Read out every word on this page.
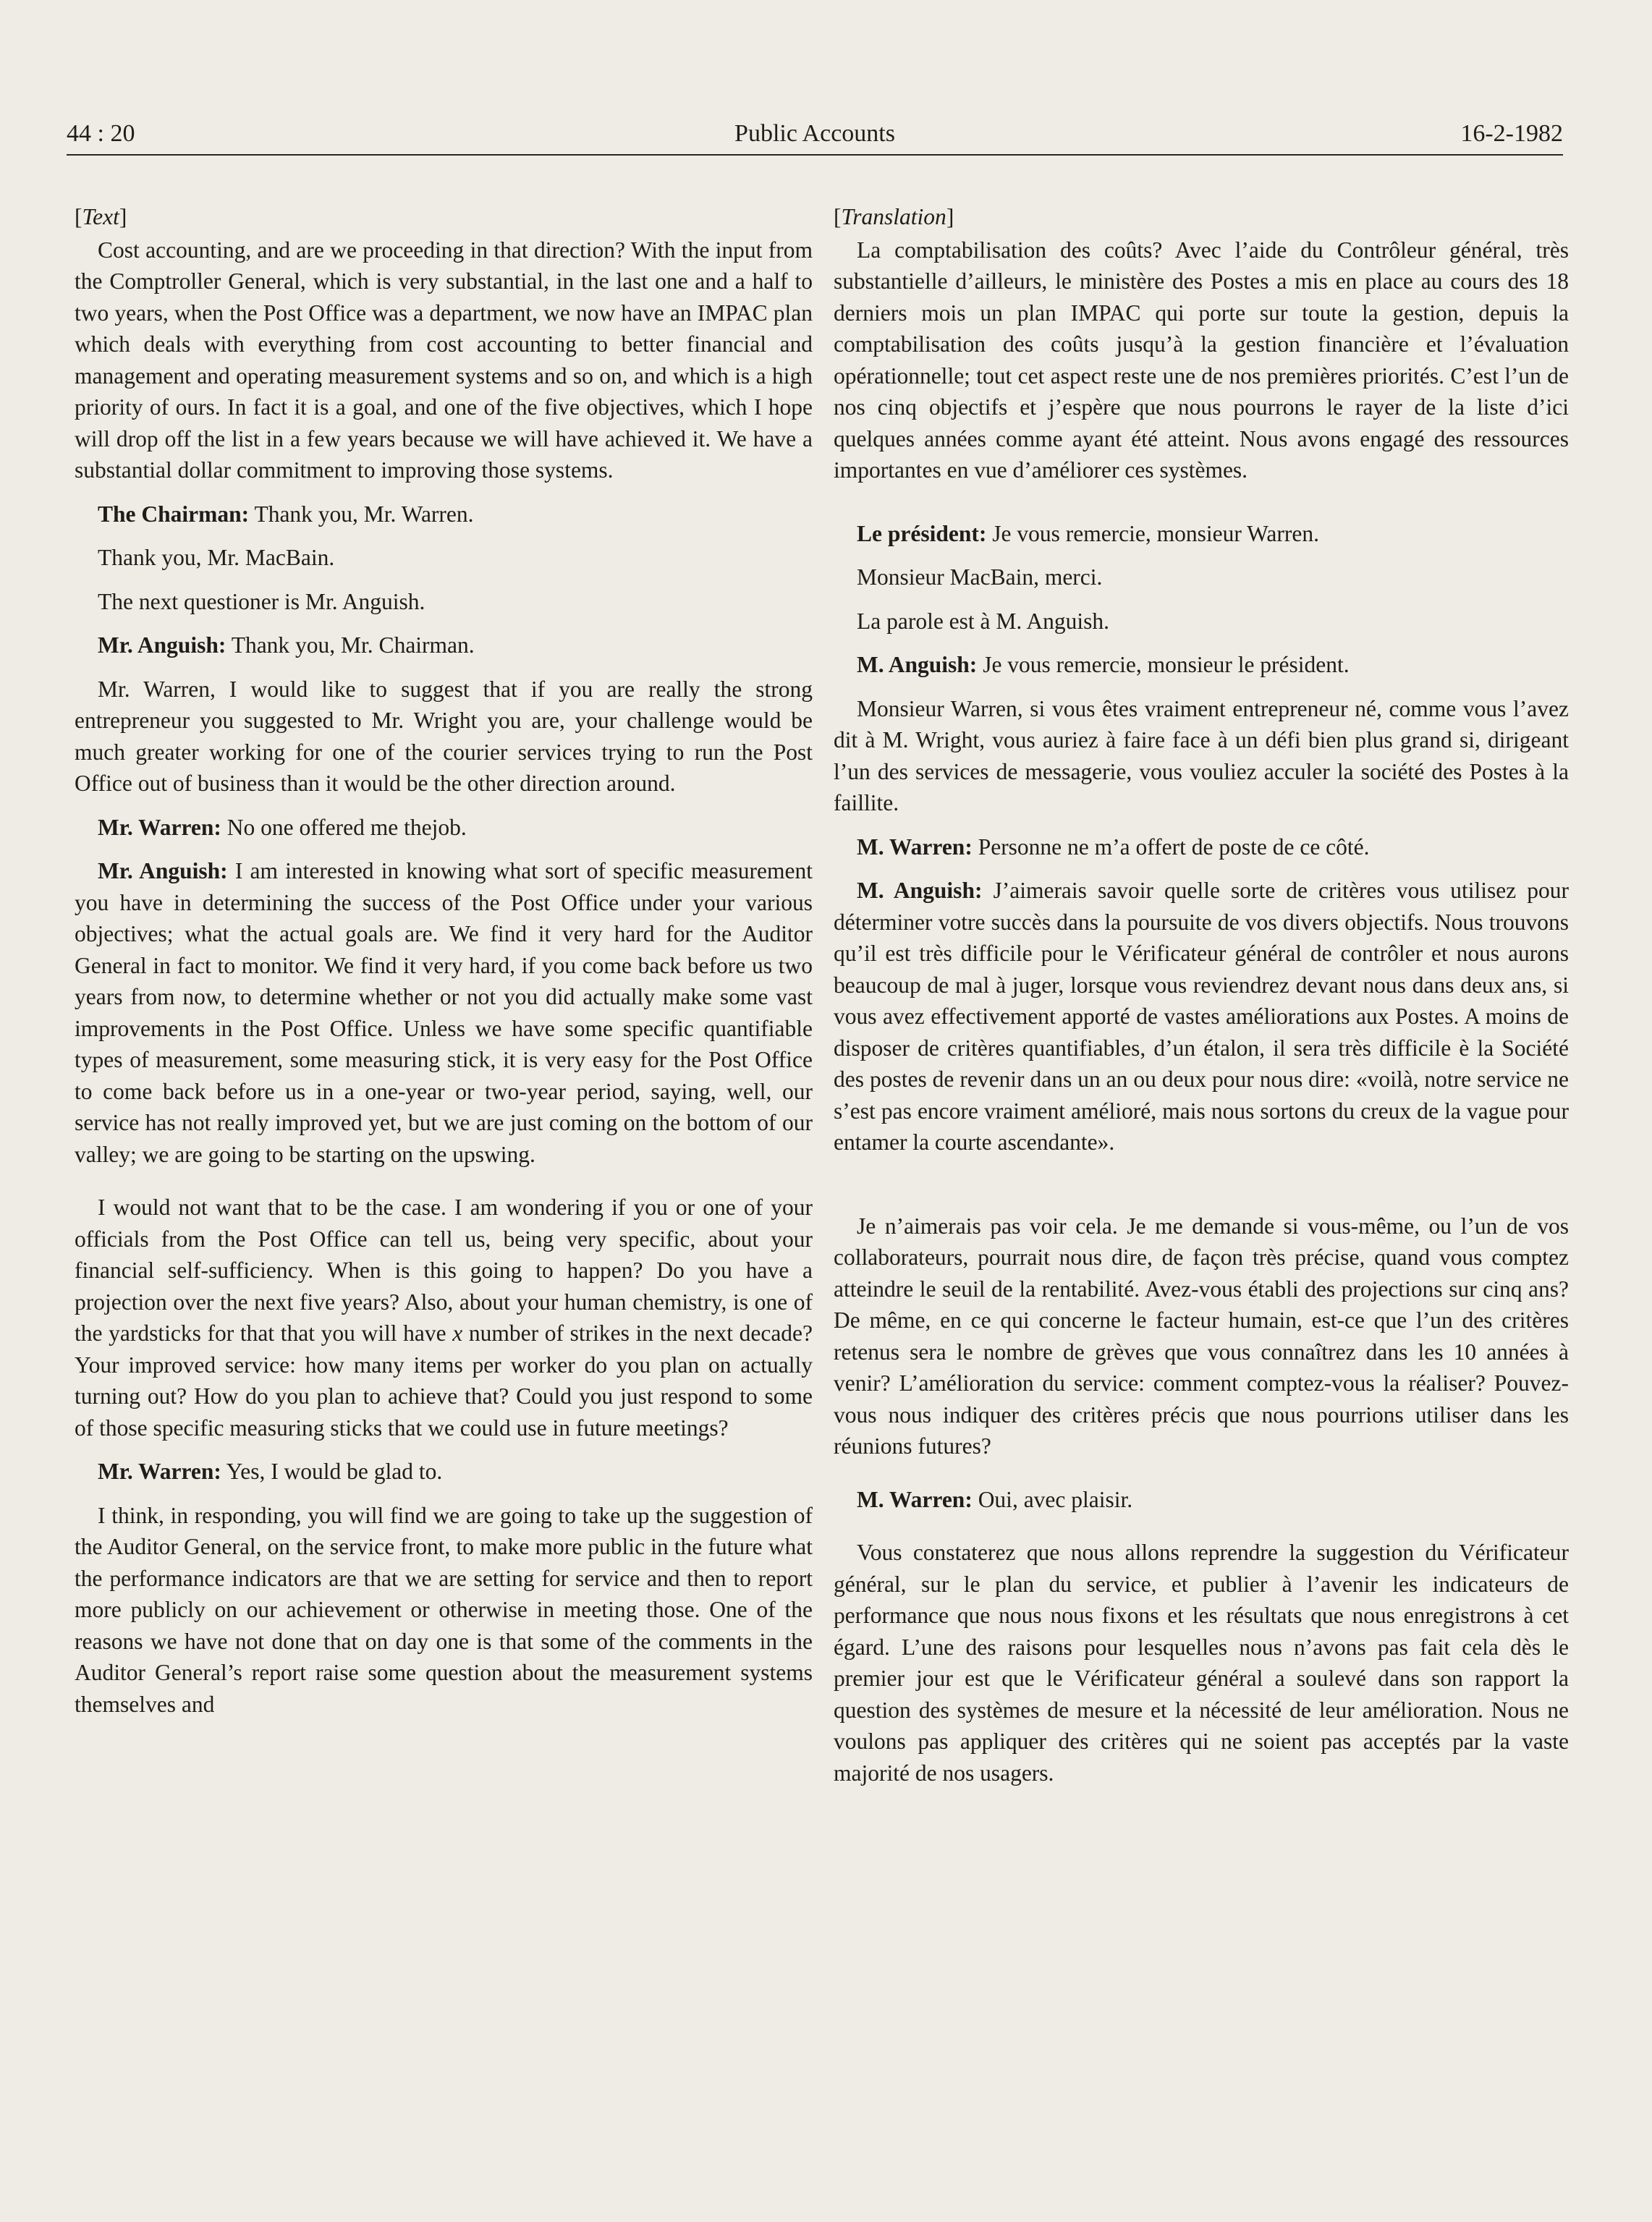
44 : 20	Public Accounts	16-2-1982

[Text]

Cost accounting, and are we proceeding in that direction? With the input from the Comptroller General, which is very substantial, in the last one and a half to two years, when the Post Office was a department, we now have an IMPAC plan which deals with everything from cost accounting to better financial and management and operating measurement systems and so on, and which is a high priority of ours. In fact it is a goal, and one of the five objectives, which I hope will drop off the list in a few years because we will have achieved it. We have a substantial dollar commitment to improving those systems.

The Chairman: Thank you, Mr. Warren.

Thank you, Mr. MacBain.

The next questioner is Mr. Anguish.

Mr. Anguish: Thank you, Mr. Chairman.

Mr. Warren, I would like to suggest that if you are really the strong entrepreneur you suggested to Mr. Wright you are, your challenge would be much greater working for one of the courier services trying to run the Post Office out of business than it would be the other direction around.

Mr. Warren: No one offered me thejob.

Mr. Anguish: I am interested in knowing what sort of specific measurement you have in determining the success of the Post Office under your various objectives; what the actual goals are. We find it very hard for the Auditor General in fact to monitor. We find it very hard, if you come back before us two years from now, to determine whether or not you did actually make some vast improvements in the Post Office. Unless we have some specific quantifiable types of measurement, some measuring stick, it is very easy for the Post Office to come back before us in a one-year or two-year period, saying, well, our service has not really improved yet, but we are just coming on the bottom of our valley; we are going to be starting on the upswing.

I would not want that to be the case. I am wondering if you or one of your officials from the Post Office can tell us, being very specific, about your financial self-sufficiency. When is this going to happen? Do you have a projection over the next five years? Also, about your human chemistry, is one of the yardsticks for that that you will have x number of strikes in the next decade? Your improved service: how many items per worker do you plan on actually turning out? How do you plan to achieve that? Could you just respond to some of those specific measuring sticks that we could use in future meetings?

Mr. Warren: Yes, I would be glad to.

I think, in responding, you will find we are going to take up the suggestion of the Auditor General, on the service front, to make more public in the future what the performance indicators are that we are setting for service and then to report more publicly on our achievement or otherwise in meeting those. One of the reasons we have not done that on day one is that some of the comments in the Auditor General’s report raise some question about the measurement systems themselves and

[Translation]

La comptabilisation des coûts? Avec l’aide du Contrôleur général, très substantielle d’ailleurs, le ministère des Postes a mis en place au cours des 18 derniers mois un plan IMPAC qui porte sur toute la gestion, depuis la comptabilisation des coûts jusqu’à la gestion financière et l’évaluation opérationnelle; tout cet aspect reste une de nos premières priorités. C’est l’un de nos cinq objectifs et j’espère que nous pourrons le rayer de la liste d’ici quelques années comme ayant été atteint. Nous avons engagé des ressources importantes en vue d’améliorer ces systèmes.

Le président: Je vous remercie, monsieur Warren.

Monsieur MacBain, merci.

La parole est à M. Anguish.

M. Anguish: Je vous remercie, monsieur le président.

Monsieur Warren, si vous êtes vraiment entrepreneur né, comme vous l’avez dit à M. Wright, vous auriez à faire face à un défi bien plus grand si, dirigeant l’un des services de messagerie, vous vouliez acculer la société des Postes à la faillite.

M. Warren: Personne ne m’a offert de poste de ce côté.

M. Anguish: J’aimerais savoir quelle sorte de critères vous utilisez pour déterminer votre succès dans la poursuite de vos divers objectifs. Nous trouvons qu’il est très difficile pour le Vérificateur général de contrôler et nous aurons beaucoup de mal à juger, lorsque vous reviendrez devant nous dans deux ans, si vous avez effectivement apporté de vastes améliorations aux Postes. A moins de disposer de critères quantifiables, d’un étalon, il sera très difficile è la Société des postes de revenir dans un an ou deux pour nous dire: «voilà, notre service ne s’est pas encore vraiment amélioré, mais nous sortons du creux de la vague pour entamer la courte ascendante».

Je n’aimerais pas voir cela. Je me demande si vous-même, ou l’un de vos collaborateurs, pourrait nous dire, de façon très précise, quand vous comptez atteindre le seuil de la rentabilité. Avez-vous établi des projections sur cinq ans? De même, en ce qui concerne le facteur humain, est-ce que l’un des critères retenus sera le nombre de grèves que vous connaîtrez dans les 10 années à venir? L’amélioration du service: comment comptez-vous la réaliser? Pouvez-vous nous indiquer des critères précis que nous pourrions utiliser dans les réunions futures?

M. Warren: Oui, avec plaisir.

Vous constaterez que nous allons reprendre la suggestion du Vérificateur général, sur le plan du service, et publier à l’avenir les indicateurs de performance que nous nous fixons et les résultats que nous enregistrons à cet égard. L’une des raisons pour lesquelles nous n’avons pas fait cela dès le premier jour est que le Vérificateur général a soulevé dans son rapport la question des systèmes de mesure et la nécessité de leur amélioration. Nous ne voulons pas appliquer des critères qui ne soient pas acceptés par la vaste majorité de nos usagers.
